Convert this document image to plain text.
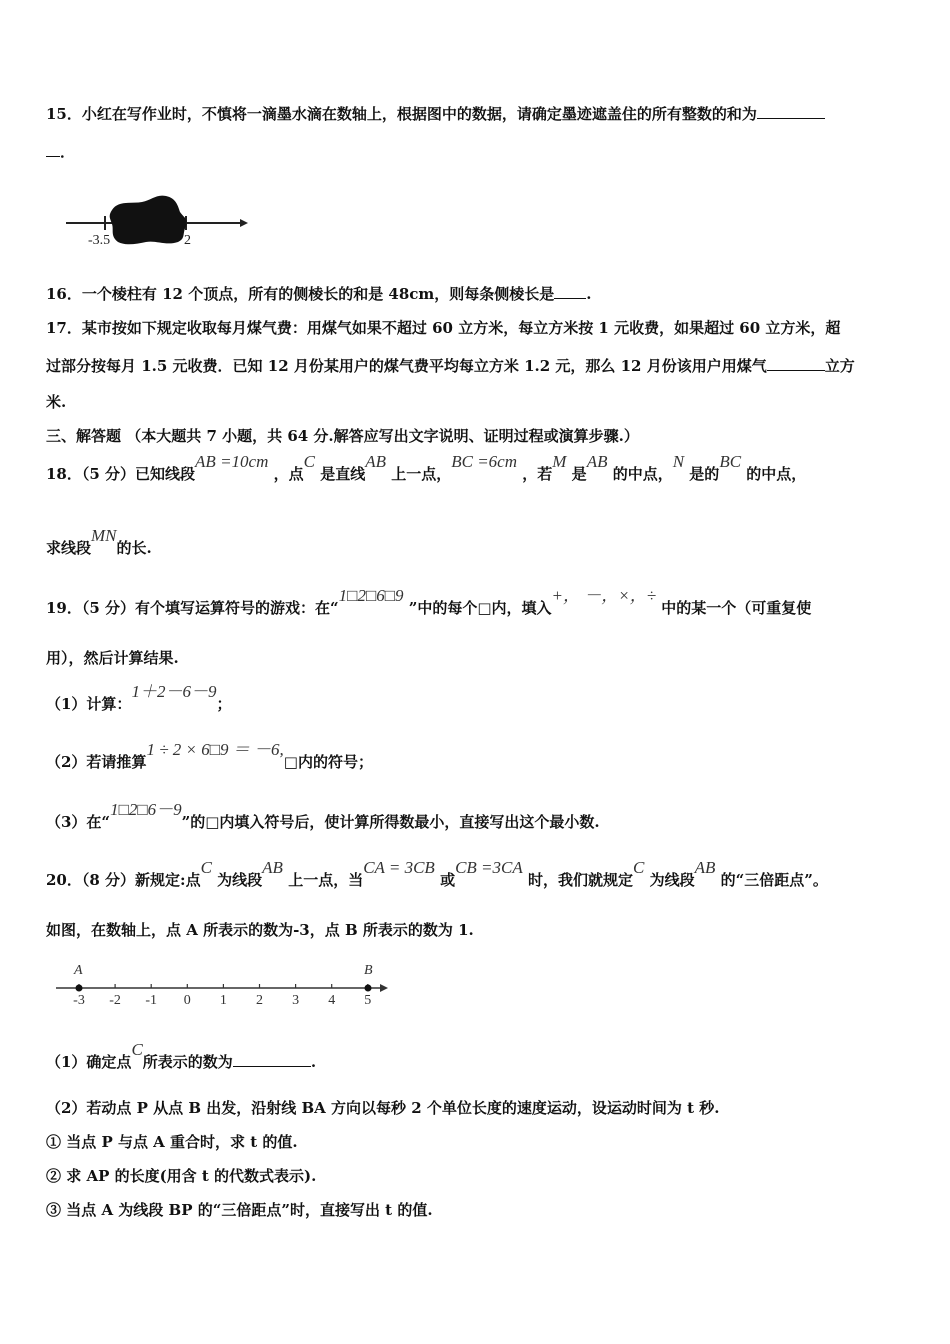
15．小红在写作业时，不慎将一滴墨水滴在数轴上，根据图中的数据，请确定墨迹遮盖住的所有整数的和为
．
-3.5	2
16．一个棱柱有 12 个顶点，所有的侧棱长的和是 48cm，则每条侧棱长是 .
17．某市按如下规定收取每月煤气费：用煤气如果不超过 60 立方米，每立方米按 1 元收费，如果超过 60 立方米，超
过部分按每月 1.5 元收费．已知 12 月份某用户的煤气费平均每立方米 1.2 元，那么 12 月份该用户用煤气	立方
米.
三、解答题 （本大题共 7 小题，共 64 分.解答应写出文字说明、证明过程或演算步骤.）
18．（5 分）已知线段AB =10cm ，点C 是直线AB 上一点，BC =6cm ，若M 是AB 的中点，N 是的BC 的中点，
求线段MN的长.
19．（5 分）有个填写运算符号的游戏：在“1□2□6□9 ”中的每个□内，填入+， －，×，÷ 中的某一个（可重复使
用），然后计算结果.
（1）计算：1＋2－6－9；
（2）若请推算1 ÷ 2 × 6□9 ＝ －6,□内的符号；
（3）在“1□2□6－9”的□内填入符号后，使计算所得数最小，直接写出这个最小数.
20．（8 分）新规定:点C 为线段AB 上一点，当CA = 3CB 或CB =3CA 时，我们就规定C 为线段AB 的“三倍距点”。
如图，在数轴上，点 A 所表示的数为-3，点 B 所表示的数为 1.
-3 -2 -1 0 1 2 3 4 5
A	B
（1）确定点C所表示的数为	.
（2）若动点 P 从点 B 出发，沿射线 BA 方向以每秒 2 个单位长度的速度运动，设运动时间为 t 秒.
① 当点 P 与点 A 重合时，求 t 的值.
② 求 AP 的长度(用含 t 的代数式表示).
③ 当点 A 为线段 BP 的“三倍距点”时，直接写出 t 的值.
